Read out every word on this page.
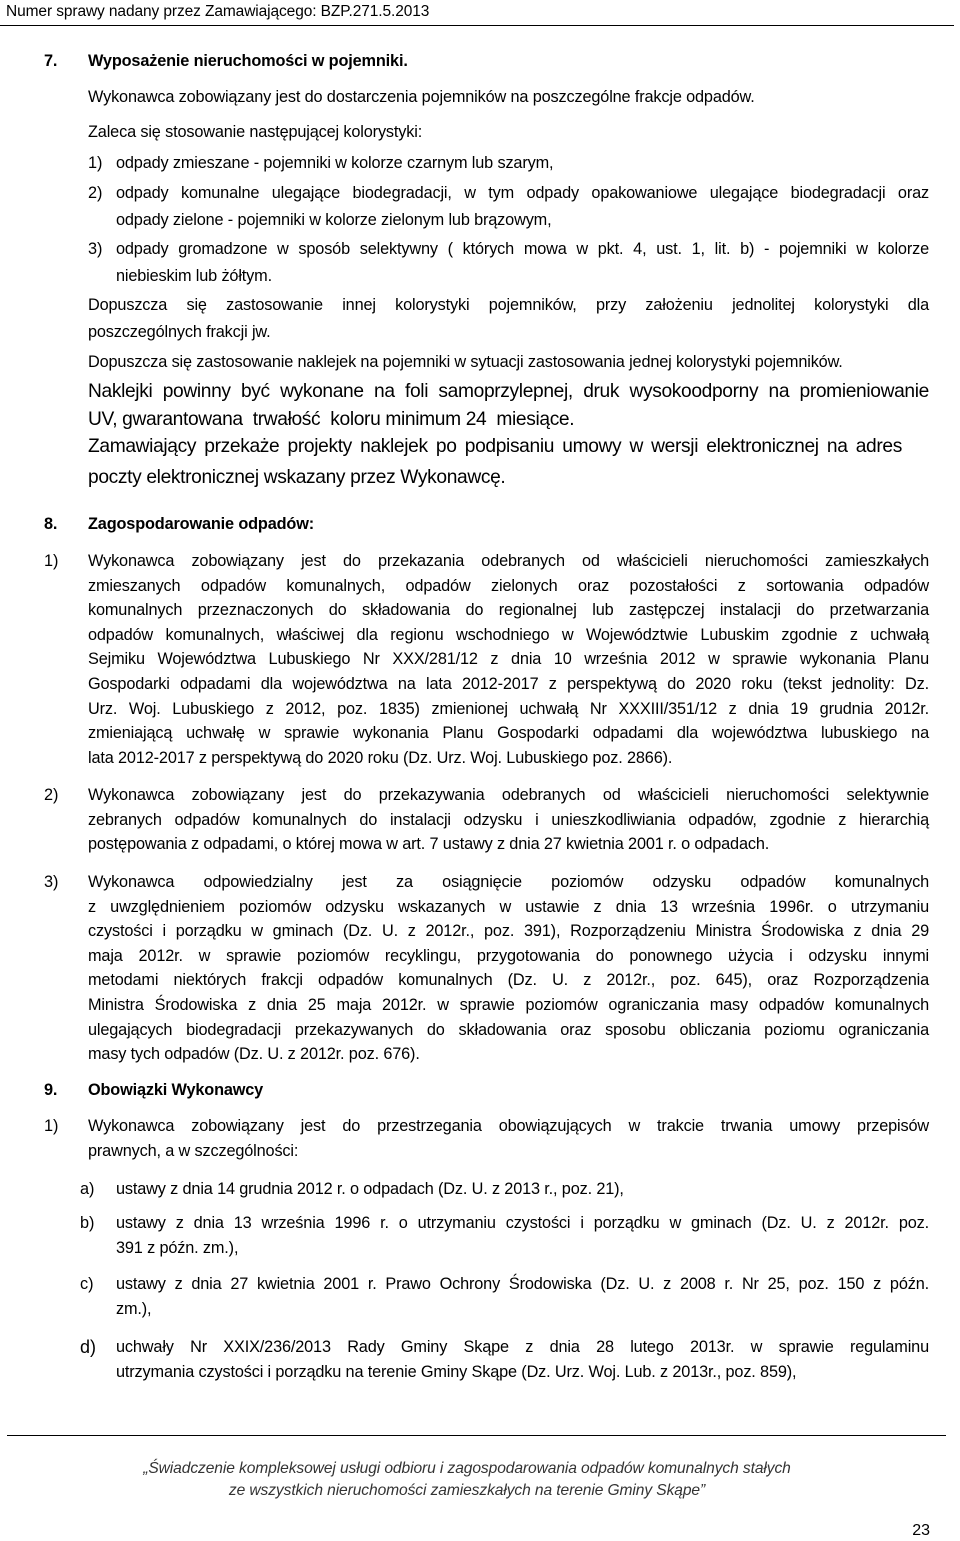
Numer sprawy nadany przez Zamawiającego: BZP.271.5.2013
7. Wyposażenie nieruchomości w pojemniki.
Wykonawca zobowiązany jest do dostarczenia pojemników na poszczególne frakcje odpadów.
Zaleca się stosowanie następującej kolorystyki:
1) odpady zmieszane - pojemniki w kolorze czarnym lub szarym,
2) odpady komunalne ulegające biodegradacji, w tym odpady opakowaniowe ulegające biodegradacji oraz
odpady zielone - pojemniki w kolorze zielonym lub brązowym,
3) odpady gromadzone w sposób selektywny ( których mowa w pkt. 4, ust. 1, lit. b) - pojemniki w kolorze
niebieskim lub żółtym.
Dopuszcza się zastosowanie innej kolorystyki pojemników, przy założeniu jednolitej kolorystyki dla
poszczególnych frakcji jw.
Dopuszcza się zastosowanie naklejek na pojemniki w sytuacji zastosowania jednej kolorystyki pojemników.
Naklejki powinny być wykonane na foli samoprzylepnej, druk wysokoodporny na promieniowanie
UV, gwarantowana  trwałość  koloru minimum 24  miesiące.
Zamawiający przekaże projekty naklejek po podpisaniu umowy w wersji elektronicznej na adres
poczty elektronicznej wskazany przez Wykonawcę.
8. Zagospodarowanie odpadów:
1) Wykonawca zobowiązany jest do przekazania odebranych od właścicieli nieruchomości zamieszkałych
zmieszanych odpadów komunalnych, odpadów zielonych oraz pozostałości z sortowania odpadów
komunalnych przeznaczonych do składowania do regionalnej lub zastępczej instalacji do przetwarzania
odpadów komunalnych, właściwej dla regionu wschodniego w Województwie Lubuskim zgodnie z uchwałą
Sejmiku Województwa Lubuskiego Nr XXX/281/12 z dnia 10 września 2012 w sprawie wykonania Planu
Gospodarki odpadami dla województwa na lata 2012-2017 z perspektywą do 2020 roku (tekst jednolity: Dz.
Urz. Woj. Lubuskiego z 2012, poz. 1835) zmienionej uchwałą Nr XXXIII/351/12 z dnia 19 grudnia 2012r.
zmieniającą uchwałę w sprawie wykonania Planu Gospodarki odpadami dla województwa lubuskiego na
lata 2012-2017 z perspektywą do 2020 roku (Dz. Urz. Woj. Lubuskiego poz. 2866).
2) Wykonawca zobowiązany jest do przekazywania odebranych od właścicieli nieruchomości selektywnie
zebranych odpadów komunalnych do instalacji odzysku i unieszkodliwiania odpadów, zgodnie z hierarchią
postępowania z odpadami, o której mowa w art. 7 ustawy z dnia 27 kwietnia 2001 r. o odpadach.
3) Wykonawca odpowiedzialny jest za osiągnięcie poziomów odzysku odpadów komunalnych
z uwzględnieniem poziomów odzysku wskazanych w ustawie z dnia 13 września 1996r. o utrzymaniu
czystości i porządku w gminach (Dz. U. z 2012r., poz. 391), Rozporządzeniu Ministra Środowiska z dnia 29
maja 2012r. w sprawie poziomów recyklingu, przygotowania do ponownego użycia i odzysku innymi
metodami niektórych frakcji odpadów komunalnych (Dz. U. z 2012r., poz. 645), oraz Rozporządzenia
Ministra Środowiska z dnia 25 maja 2012r. w sprawie poziomów ograniczania masy odpadów komunalnych
ulegających biodegradacji przekazywanych do składowania oraz sposobu obliczania poziomu ograniczania
masy tych odpadów (Dz. U. z 2012r. poz. 676).
9. Obowiązki Wykonawcy
1) Wykonawca zobowiązany jest do przestrzegania obowiązujących w trakcie trwania umowy przepisów
prawnych, a w szczególności:
a) ustawy z dnia 14 grudnia 2012 r. o odpadach (Dz. U. z 2013 r., poz. 21),
b) ustawy z dnia 13 września 1996 r. o utrzymaniu czystości i porządku w gminach (Dz. U. z 2012r. poz.
391 z późn. zm.),
c) ustawy z dnia 27 kwietnia 2001 r. Prawo Ochrony Środowiska (Dz. U. z 2008 r. Nr 25, poz. 150 z późn.
zm.),
d) uchwały Nr XXIX/236/2013 Rady Gminy Skąpe z dnia 28 lutego 2013r. w sprawie regulaminu
utrzymania czystości i porządku na terenie Gminy Skąpe (Dz. Urz. Woj. Lub. z 2013r., poz. 859),
„Świadczenie kompleksowej usługi odbioru i zagospodarowania odpadów komunalnych stałych
ze wszystkich nieruchomości zamieszkałych na terenie Gminy Skąpe”
23
